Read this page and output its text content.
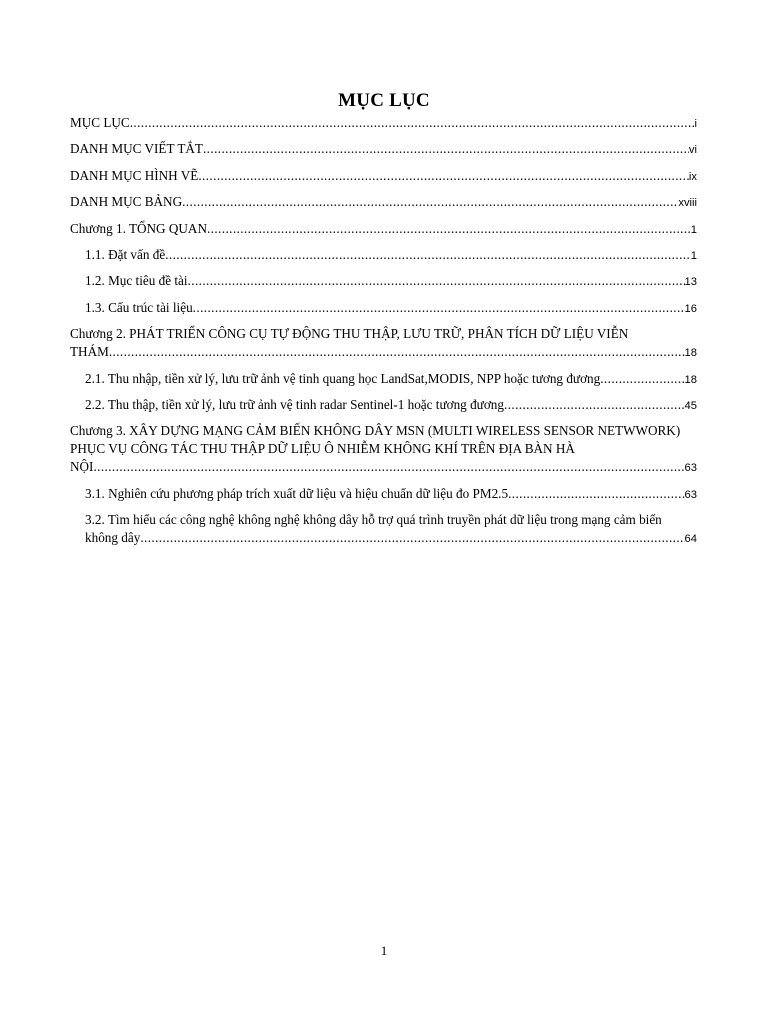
MỤC LỤC
MỤC LỤC .....	i
DANH MỤC VIẾT TẮT .....	vi
DANH MỤC HÌNH VẼ .....	ix
DANH MỤC BẢNG .....	xviii
Chương 1. TỔNG QUAN .....	1
1.1. Đặt vấn đề .....	1
1.2. Mục tiêu đề tài .....	13
1.3. Cấu trúc tài liệu .....	16
Chương 2. PHÁT TRIỂN CÔNG CỤ TỰ ĐỘNG THU THẬP, LƯU TRỮ, PHÂN TÍCH DỮ LIỆU VIỄN
THÁM .....	18
2.1. Thu nhập, tiền xử lý, lưu trữ ảnh vệ tinh quang học LandSat,MODIS, NPP hoặc tương đương .....	18
2.2. Thu thập, tiền xử lý, lưu trữ ảnh vệ tinh radar Sentinel-1 hoặc tương đương .....	45
Chương 3. XÂY DỰNG MẠNG CẢM BIẾN KHÔNG DÂY MSN (MULTI WIRELESS SENSOR NETWWORK) PHỤC VỤ CÔNG TÁC THU THẬP DỮ LIỆU Ô NHIỄM KHÔNG KHÍ TRÊN ĐỊA BÀN HÀ
NỘI .....	63
3.1. Nghiên cứu phương pháp trích xuất dữ liệu và hiệu chuẩn dữ liệu đo PM2.5 .....	63
3.2. Tìm hiểu các công nghệ không nghệ không dây hỗ trợ quá trình truyền phát dữ liệu trong mạng cảm biến
không dây .....	64
1
